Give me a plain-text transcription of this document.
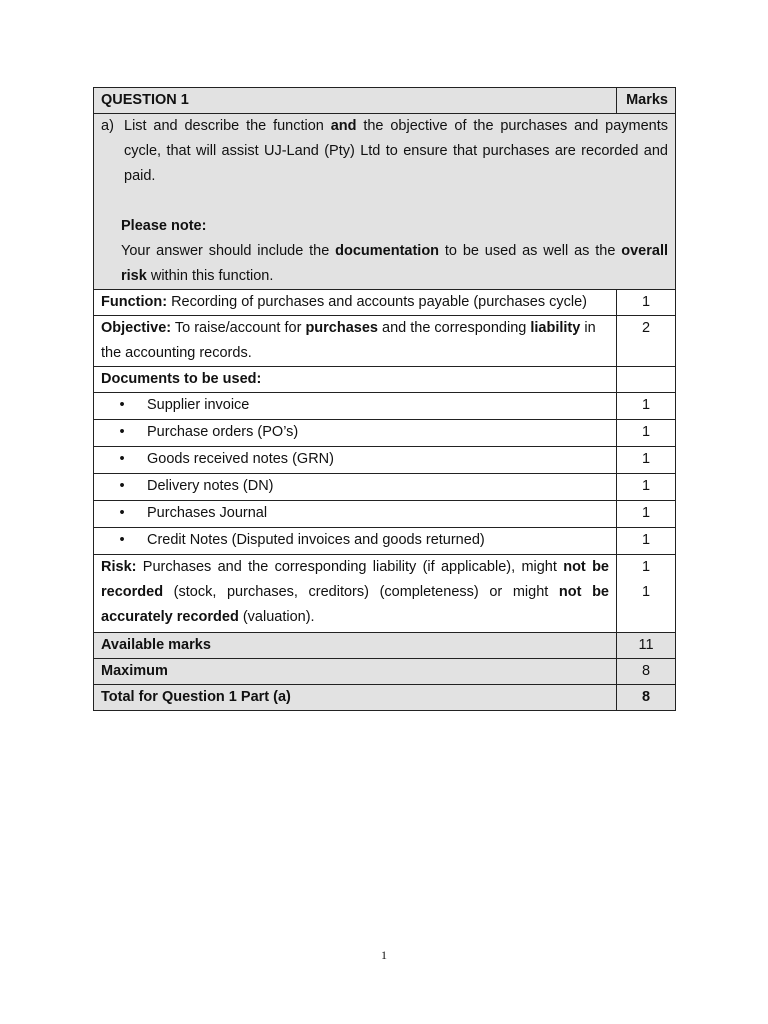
QUESTION 1	Marks

a) List and describe the function and the objective of the purchases and payments cycle, that will assist UJ-Land (Pty) Ltd to ensure that purchases are recorded and paid.
Please note:
Your answer should include the documentation to be used as well as the overall risk within this function.	

Function: Recording of purchases and accounts payable (purchases cycle)	1
Objective: To raise/account for purchases and the corresponding liability in the accounting records.	2
Documents to be used:	

•
Supplier invoice	1

•
Purchase orders (PO’s)	1

•
Goods received notes (GRN)	1

•
Delivery notes (DN)	1

•
Purchases Journal	1

•
Credit Notes (Disputed invoices and goods returned)	1
Risk: Purchases and the corresponding liability (if applicable), might not be recorded (stock, purchases, creditors) (completeness) or might not be accurately recorded (valuation).	1
1

Available marks	11
Maximum	8
Total for Question 1 Part (a)	8
1
